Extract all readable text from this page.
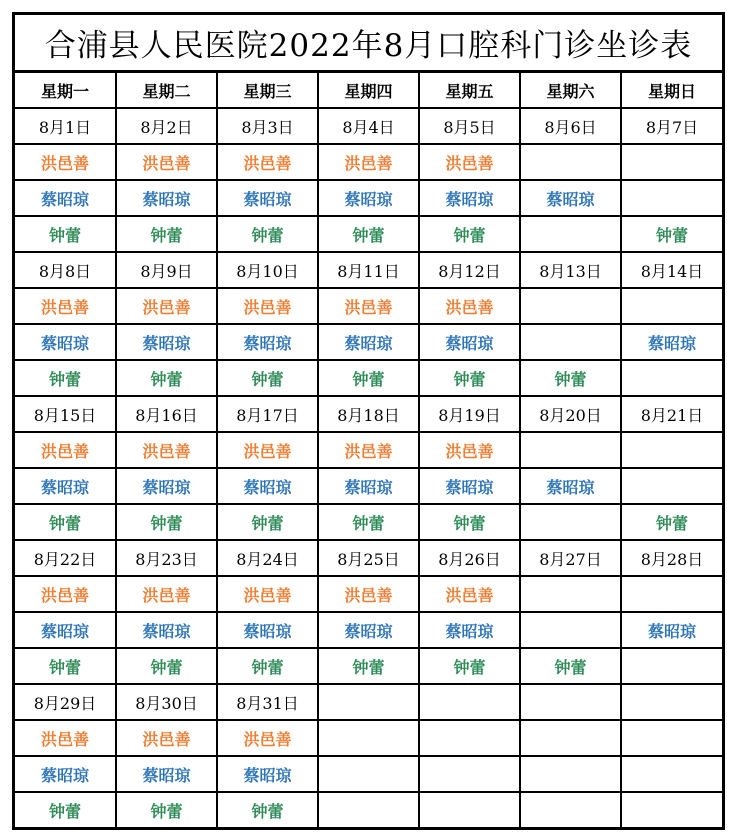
合浦县人民医院2022年8月口腔科门诊坐诊表
星期一	星期二	星期三	星期四	星期五	星期六	星期日
8月1日	8月2日	8月3日	8月4日	8月5日	8月6日	8月7日
洪邑善	洪邑善	洪邑善	洪邑善	洪邑善		
蔡昭琼	蔡昭琼	蔡昭琼	蔡昭琼	蔡昭琼	蔡昭琼	
钟蕾	钟蕾	钟蕾	钟蕾	钟蕾		钟蕾
8月8日	8月9日	8月10日	8月11日	8月12日	8月13日	8月14日
洪邑善	洪邑善	洪邑善	洪邑善	洪邑善		
蔡昭琼	蔡昭琼	蔡昭琼	蔡昭琼	蔡昭琼		蔡昭琼
钟蕾	钟蕾	钟蕾	钟蕾	钟蕾	钟蕾	
8月15日	8月16日	8月17日	8月18日	8月19日	8月20日	8月21日
洪邑善	洪邑善	洪邑善	洪邑善	洪邑善		
蔡昭琼	蔡昭琼	蔡昭琼	蔡昭琼	蔡昭琼	蔡昭琼	
钟蕾	钟蕾	钟蕾	钟蕾	钟蕾		钟蕾
8月22日	8月23日	8月24日	8月25日	8月26日	8月27日	8月28日
洪邑善	洪邑善	洪邑善	洪邑善	洪邑善		
蔡昭琼	蔡昭琼	蔡昭琼	蔡昭琼	蔡昭琼		蔡昭琼
钟蕾	钟蕾	钟蕾	钟蕾	钟蕾	钟蕾	
8月29日	8月30日	8月31日				
洪邑善	洪邑善	洪邑善				
蔡昭琼	蔡昭琼	蔡昭琼				
钟蕾	钟蕾	钟蕾				
